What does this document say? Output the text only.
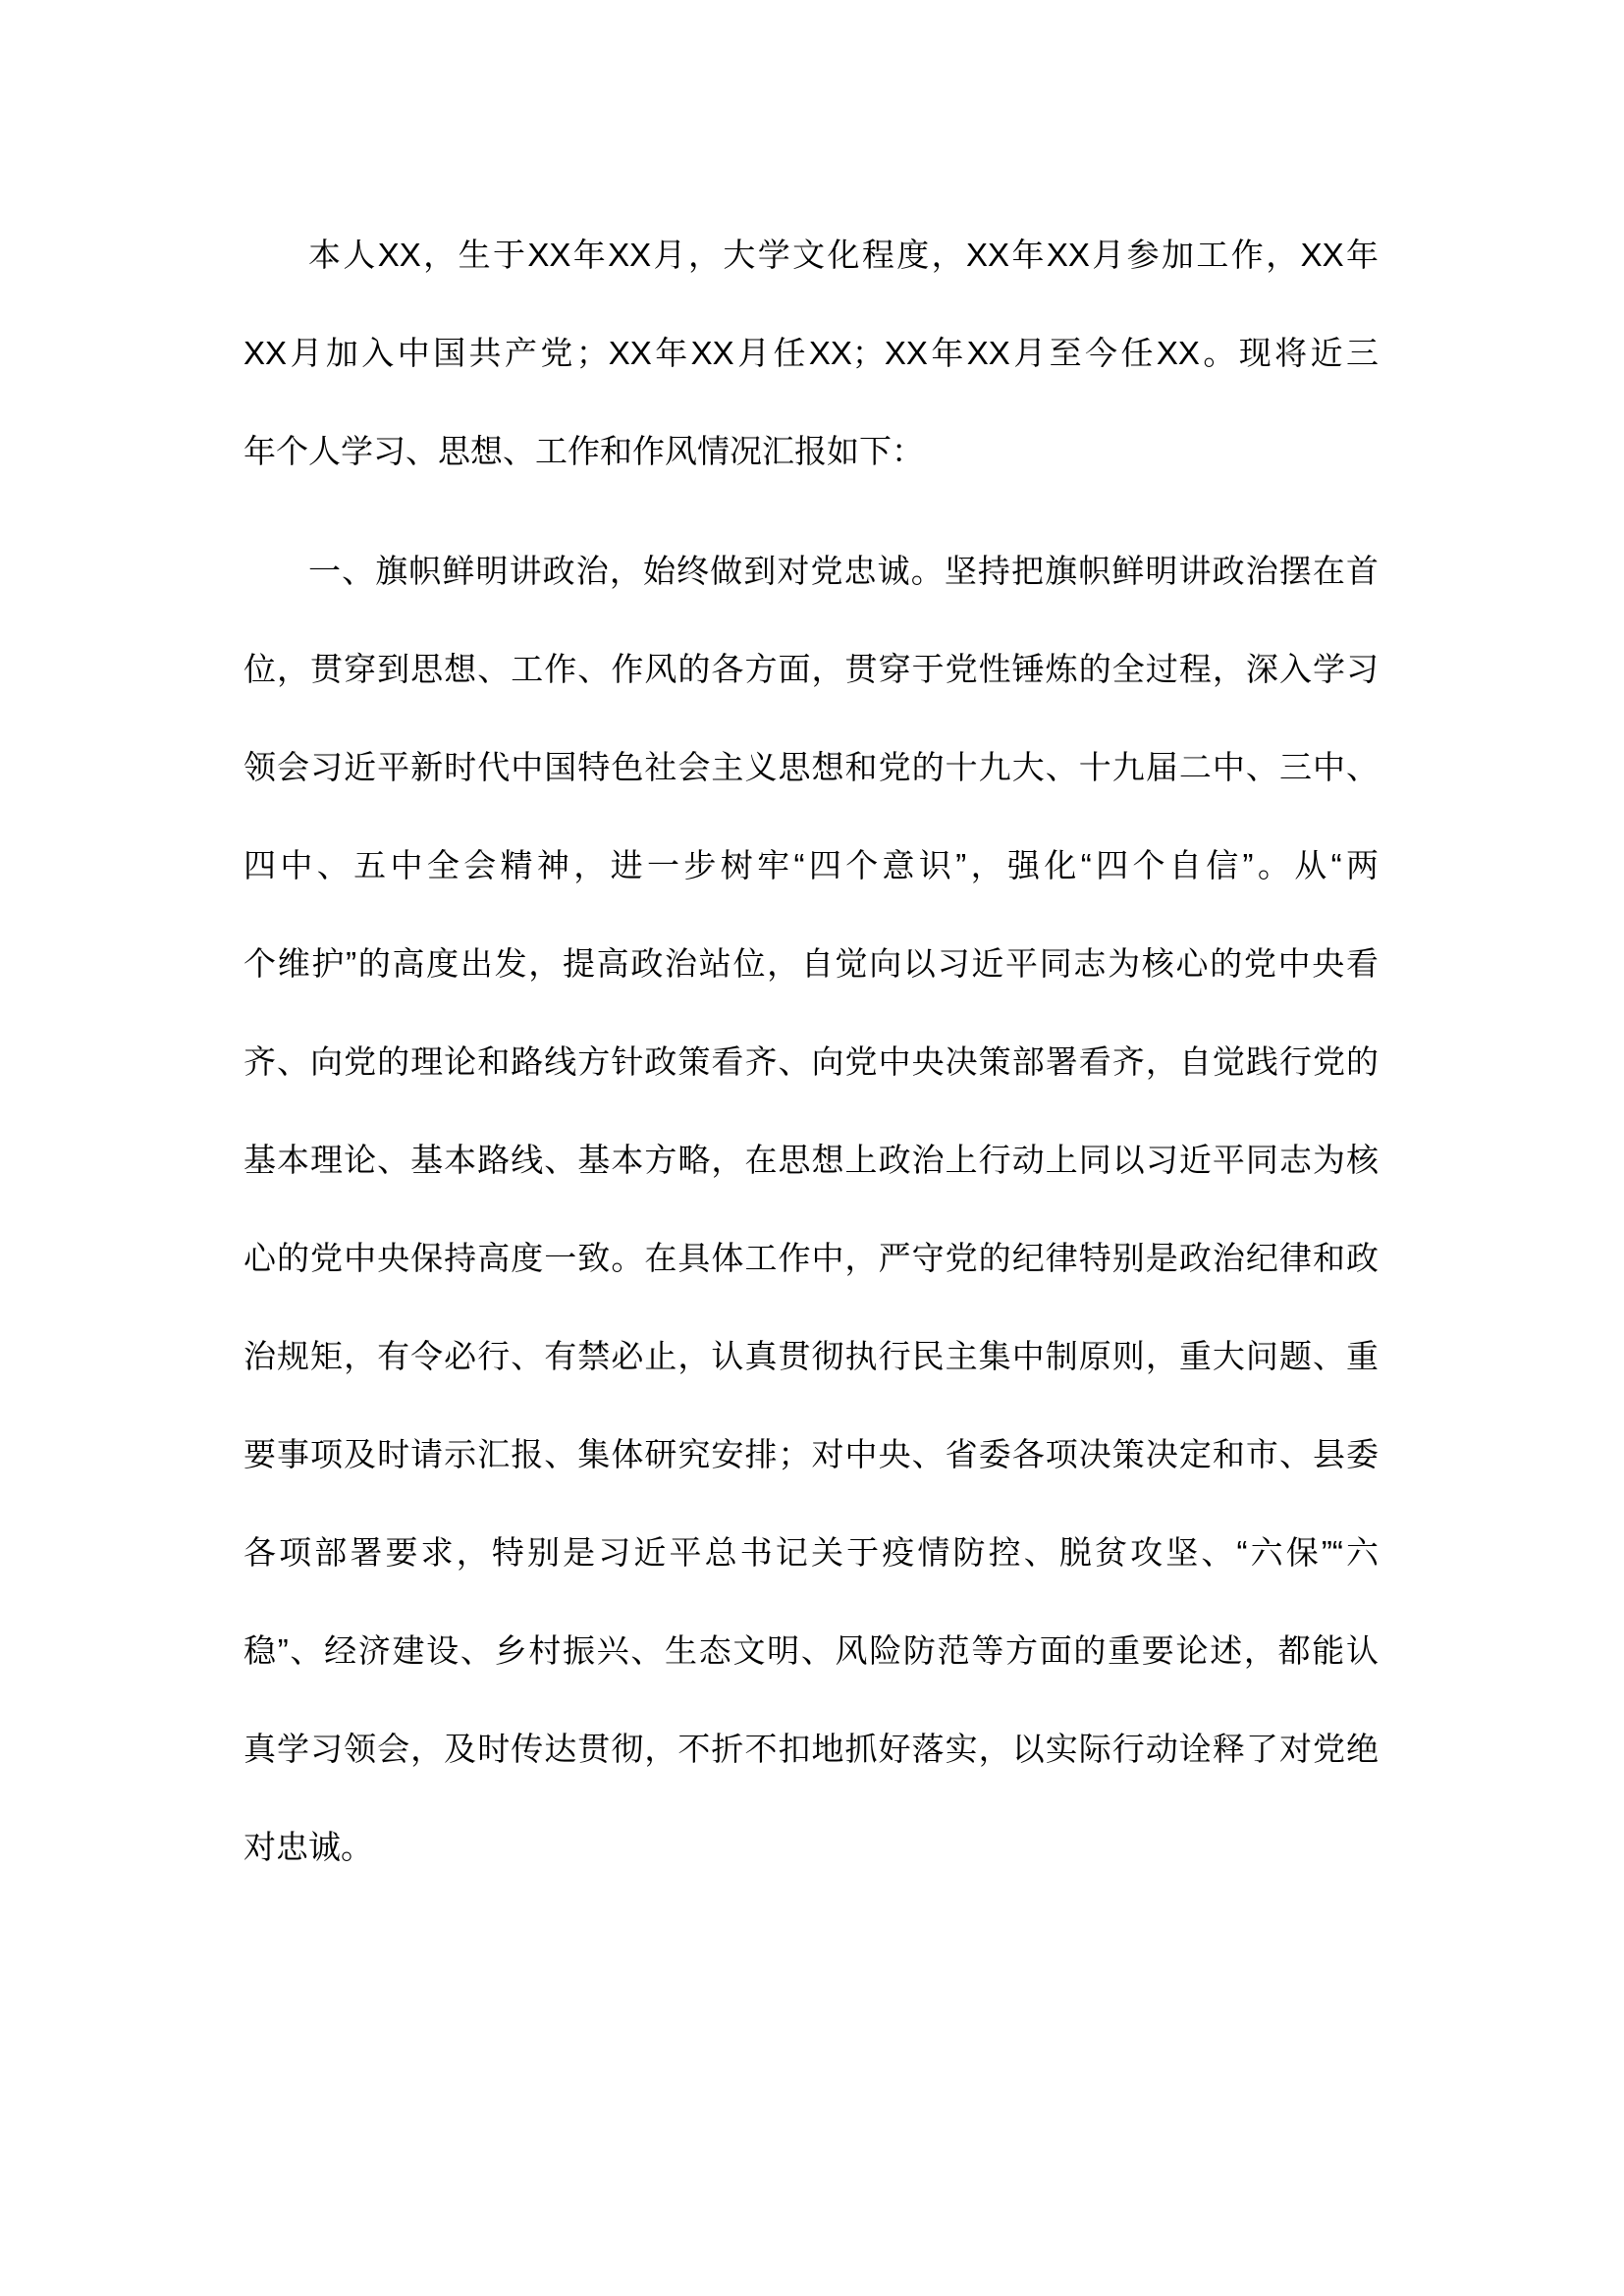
本人XX，生于XX年XX月，大学文化程度，XX年XX月参加工作，XX年
XX月加入中国共产党；XX年XX月任XX；XX年XX月至今任XX。现将近三
年个人学习、思想、工作和作风情况汇报如下：
一、旗帜鲜明讲政治，始终做到对党忠诚。坚持把旗帜鲜明讲政治摆在首
位，贯穿到思想、工作、作风的各方面，贯穿于党性锤炼的全过程，深入学习
领会习近平新时代中国特色社会主义思想和党的十九大、十九届二中、三中、
四中、五中全会精神，进一步树牢“四个意识”，强化“四个自信”。从“两
个维护”的高度出发，提高政治站位，自觉向以习近平同志为核心的党中央看
齐、向党的理论和路线方针政策看齐、向党中央决策部署看齐，自觉践行党的
基本理论、基本路线、基本方略，在思想上政治上行动上同以习近平同志为核
心的党中央保持高度一致。在具体工作中，严守党的纪律特别是政治纪律和政
治规矩，有令必行、有禁必止，认真贯彻执行民主集中制原则，重大问题、重
要事项及时请示汇报、集体研究安排；对中央、省委各项决策决定和市、县委
各项部署要求，特别是习近平总书记关于疫情防控、脱贫攻坚、“六保”“六
稳”、经济建设、乡村振兴、生态文明、风险防范等方面的重要论述，都能认
真学习领会，及时传达贯彻，不折不扣地抓好落实，以实际行动诠释了对党绝
对忠诚。
